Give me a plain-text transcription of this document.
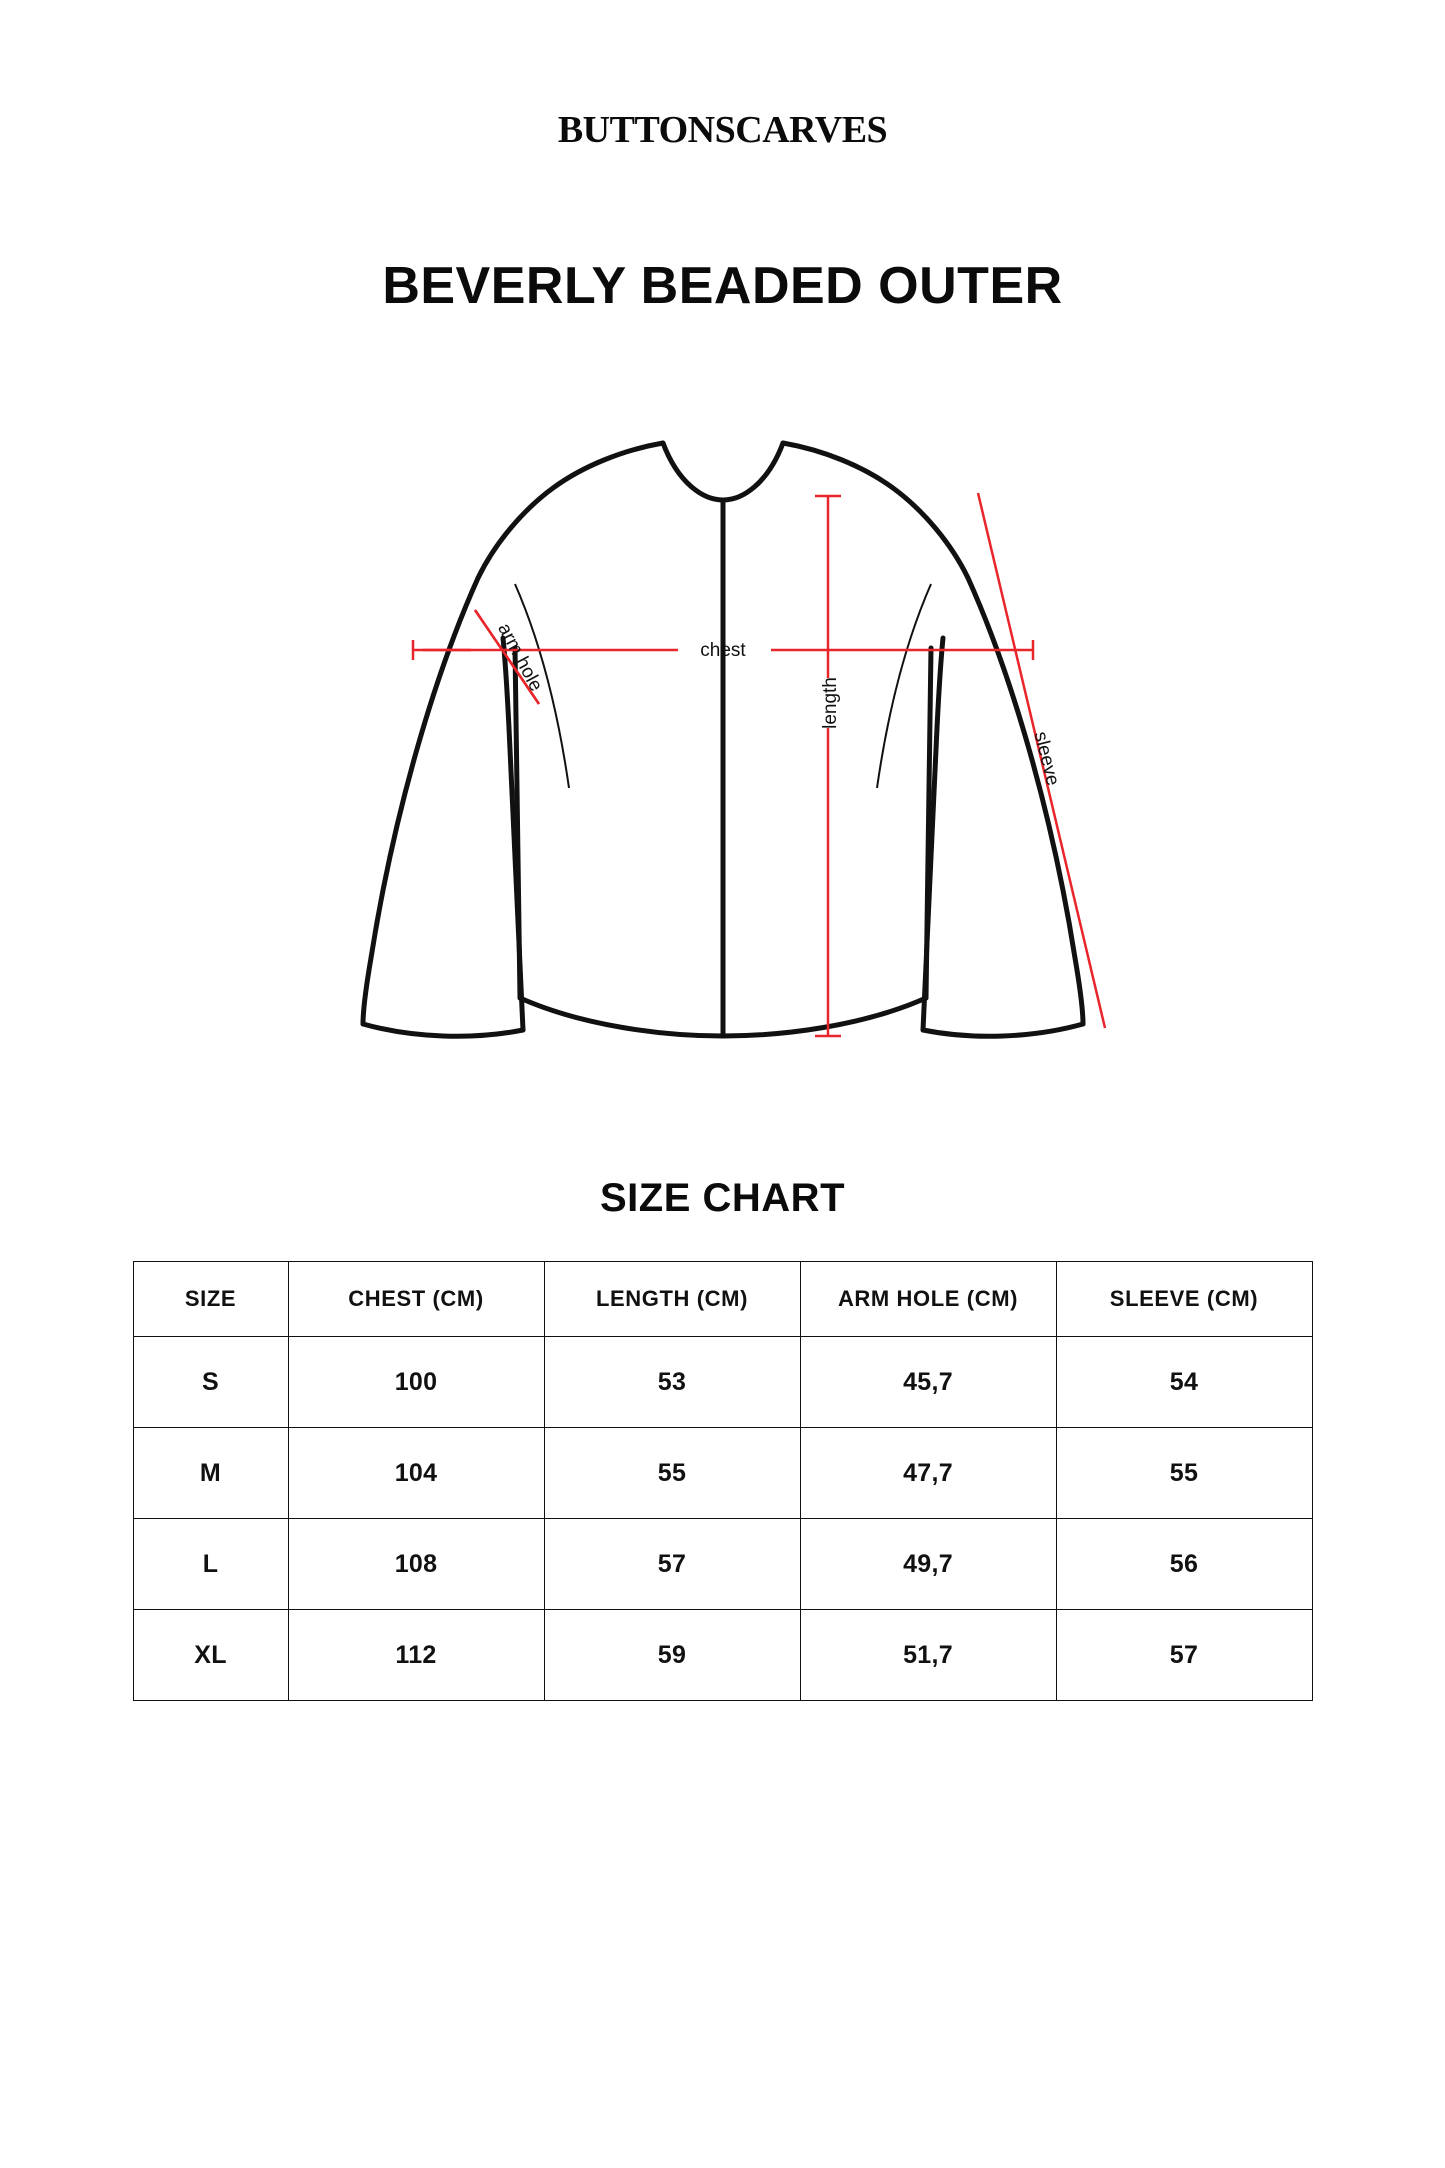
BUTTONSCARVES
BEVERLY BEADED OUTER
chest
length
arm hole
sleeve
SIZE CHART
SIZE	CHEST (CM)	LENGTH (CM)	ARM HOLE (CM)	SLEEVE (CM)
S	100	53	45,7	54
M	104	55	47,7	55
L	108	57	49,7	56
XL	112	59	51,7	57
